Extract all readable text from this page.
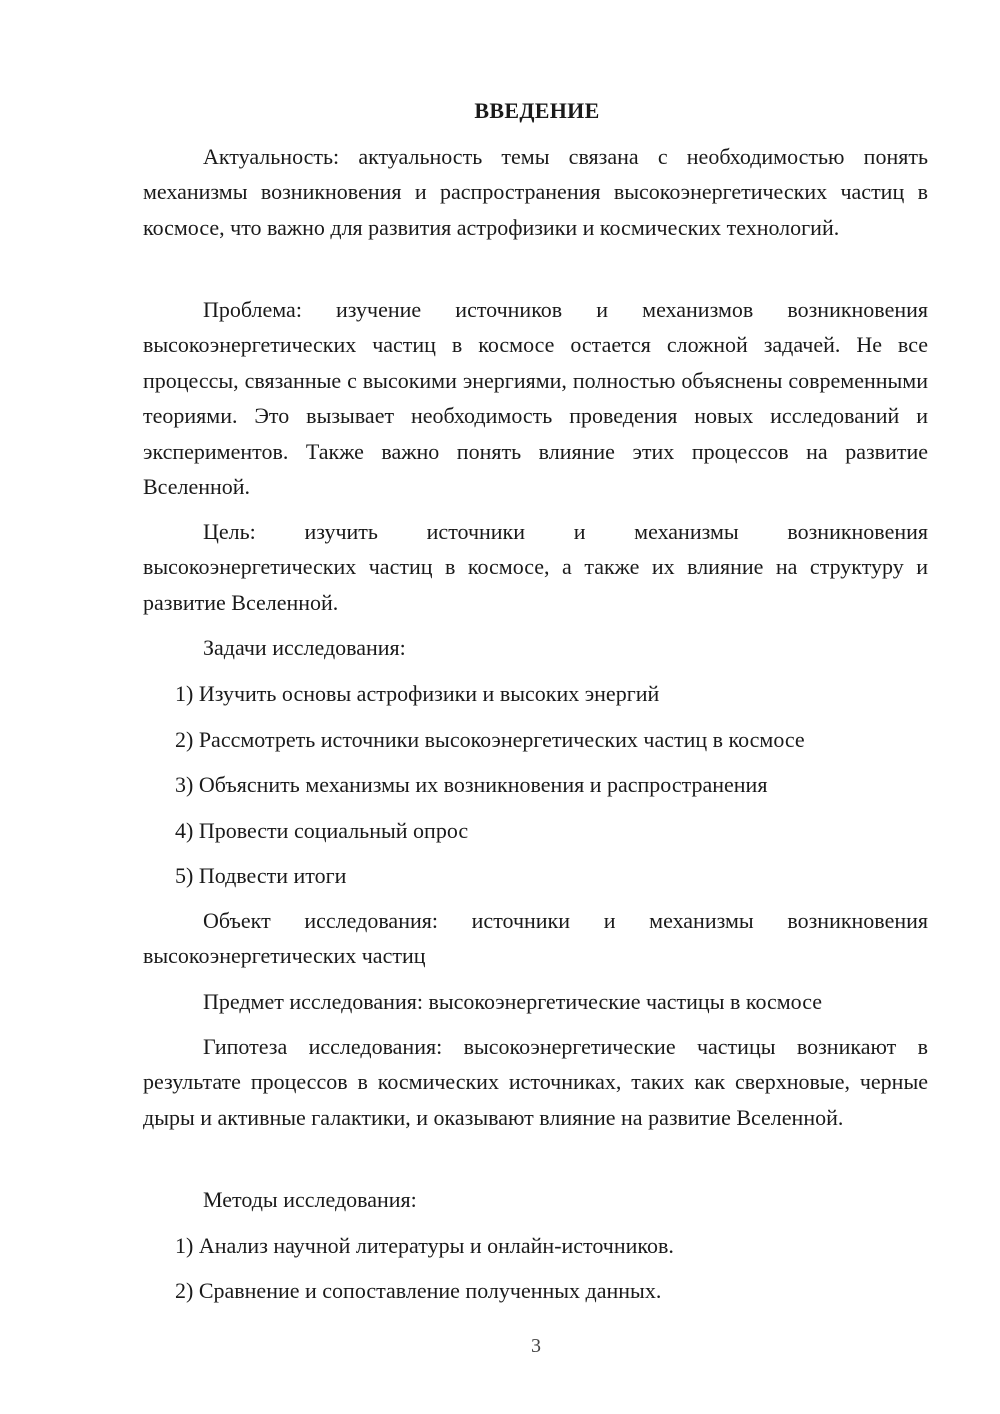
ВВЕДЕНИЕ

Актуальность: актуальность темы связана с необходимостью понять механизмы возникновения и распространения высокоэнергетических частиц в космосе, что важно для развития астрофизики и космических технологий.

Проблема: изучение источников и механизмов возникновения высокоэнергетических частиц в космосе остается сложной задачей. Не все процессы, связанные с высокими энергиями, полностью объяснены современными теориями. Это вызывает необходимость проведения новых исследований и экспериментов. Также важно понять влияние этих процессов на развитие Вселенной.

Цель: изучить источники и механизмы возникновения высокоэнергетических частиц в космосе, а также их влияние на структуру и развитие Вселенной.

Задачи исследования:
1) Изучить основы астрофизики и высоких энергий
2) Рассмотреть источники высокоэнергетических частиц в космосе
3) Объяснить механизмы их возникновения и распространения
4) Провести социальный опрос
5) Подвести итоги

Объект исследования: источники и механизмы возникновения высокоэнергетических частиц

Предмет исследования: высокоэнергетические частицы в космосе

Гипотеза исследования: высокоэнергетические частицы возникают в результате процессов в космических источниках, таких как сверхновые, черные дыры и активные галактики, и оказывают влияние на развитие Вселенной.

Методы исследования:
1) Анализ научной литературы и онлайн-источников.
2) Сравнение и сопоставление полученных данных.
3
